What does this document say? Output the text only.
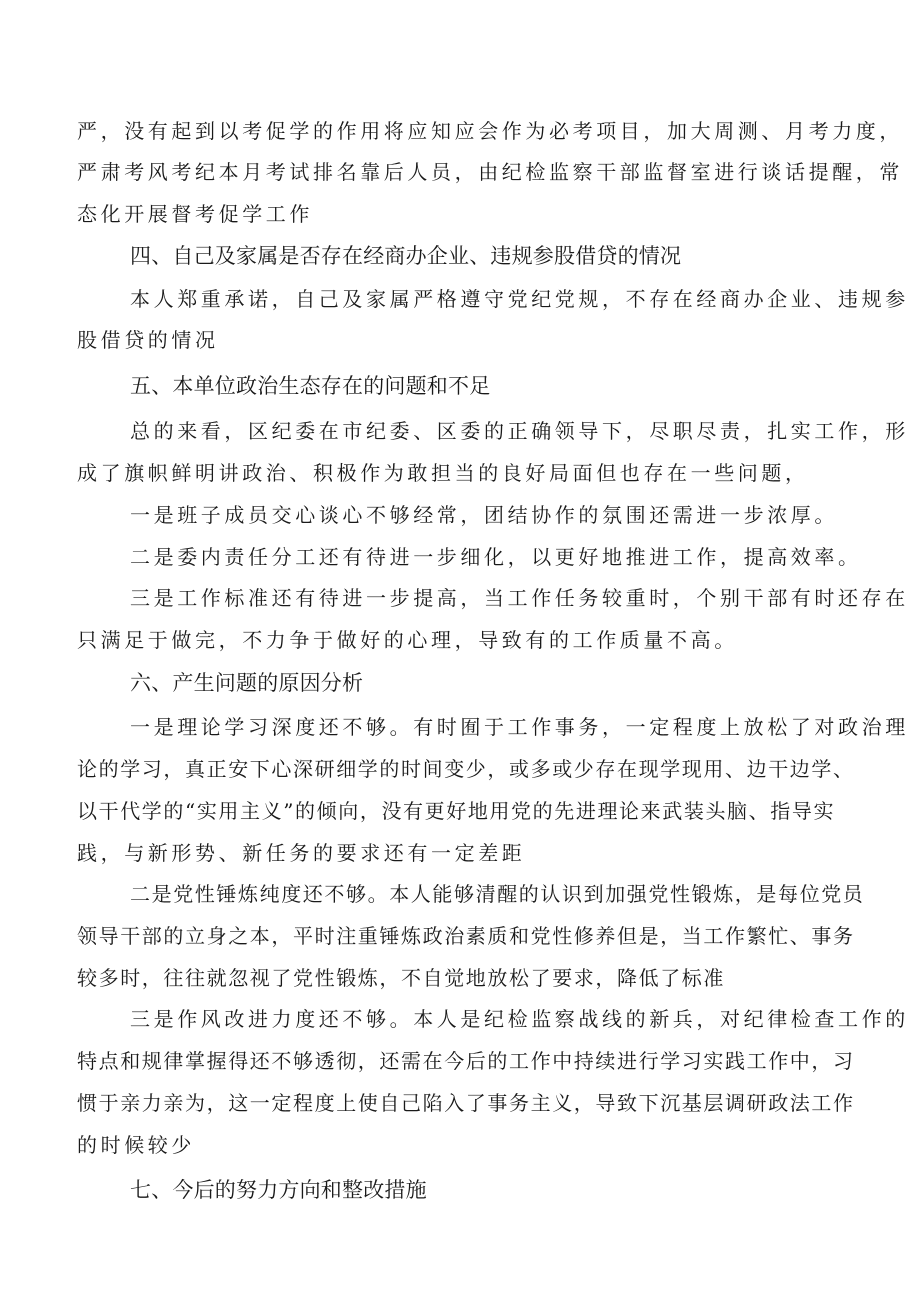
严，没有起到以考促学的作用将应知应会作为必考项目，加大周测、月考力度，
严肃考风考纪本月考试排名靠后人员，由纪检监察干部监督室进行谈话提醒，常
态化开展督考促学工作
四、自己及家属是否存在经商办企业、违规参股借贷的情况
本人郑重承诺，自己及家属严格遵守党纪党规，不存在经商办企业、违规参
股借贷的情况
五、本单位政治生态存在的问题和不足
总的来看，区纪委在市纪委、区委的正确领导下，尽职尽责，扎实工作，形
成了旗帜鲜明讲政治、积极作为敢担当的良好局面但也存在一些问题，
一是班子成员交心谈心不够经常，团结协作的氛围还需进一步浓厚。
二是委内责任分工还有待进一步细化，以更好地推进工作，提高效率。
三是工作标准还有待进一步提高，当工作任务较重时，个别干部有时还存在
只满足于做完，不力争于做好的心理，导致有的工作质量不高。
六、产生问题的原因分析
一是理论学习深度还不够。有时囿于工作事务，一定程度上放松了对政治理
论的学习，真正安下心深研细学的时间变少，或多或少存在现学现用、边干边学、
以干代学的“实用主义”的倾向，没有更好地用党的先进理论来武装头脑、指导实
践，与新形势、新任务的要求还有一定差距
二是党性锤炼纯度还不够。本人能够清醒的认识到加强党性锻炼，是每位党员
领导干部的立身之本，平时注重锤炼政治素质和党性修养但是，当工作繁忙、事务
较多时，往往就忽视了党性锻炼，不自觉地放松了要求，降低了标准
三是作风改进力度还不够。本人是纪检监察战线的新兵，对纪律检查工作的
特点和规律掌握得还不够透彻，还需在今后的工作中持续进行学习实践工作中，习
惯于亲力亲为，这一定程度上使自己陷入了事务主义，导致下沉基层调研政法工作
的时候较少
七、今后的努力方向和整改措施
